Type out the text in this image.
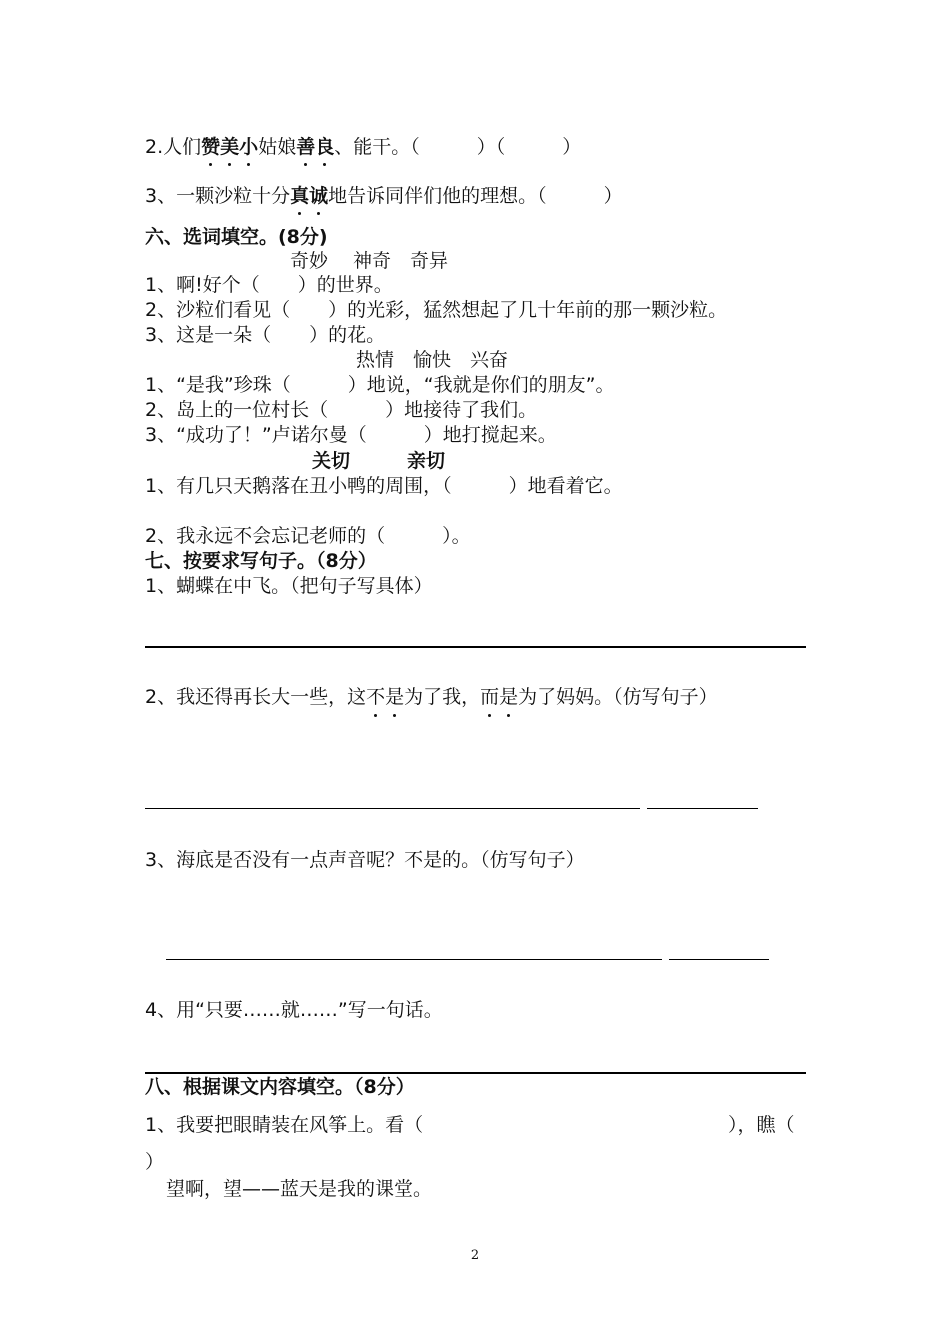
2.人们赞美小姑娘善良、能干。（　　　）（　　　）
3、一颗沙粒十分真诚地告诉同伴们他的理想。（　　　）
六、选词填空。(8分)
奇妙　 神奇　奇异
1、啊!好个（　　）的世界。
2、沙粒们看见（　　）的光彩，猛然想起了几十年前的那一颗沙粒。
3、这是一朵（　　）的花。
热情　愉快　兴奋
1、“是我”珍珠（　　　）地说，“我就是你们的朋友”。
2、岛上的一位村长（　　　）地接待了我们。
3、“成功了！”卢诺尔曼（　　　）地打搅起来。
关切　　　亲切
1、有几只天鹅落在丑小鸭的周围，（　　　）地看着它。
2、我永远不会忘记老师的（　　　）。
七、按要求写句子。（8分）
1、蝴蝶在中飞。（把句子写具体）
2、我还得再长大一些，这不是为了我，而是为了妈妈。（仿写句子）
3、海底是否没有一点声音呢？不是的。（仿写句子）
4、用“只要……就……”写一句话。
八、根据课文内容填空。（8分）
1、我要把眼睛装在风筝上。看（	），瞧（
）
望啊，望——蓝天是我的课堂。
2
